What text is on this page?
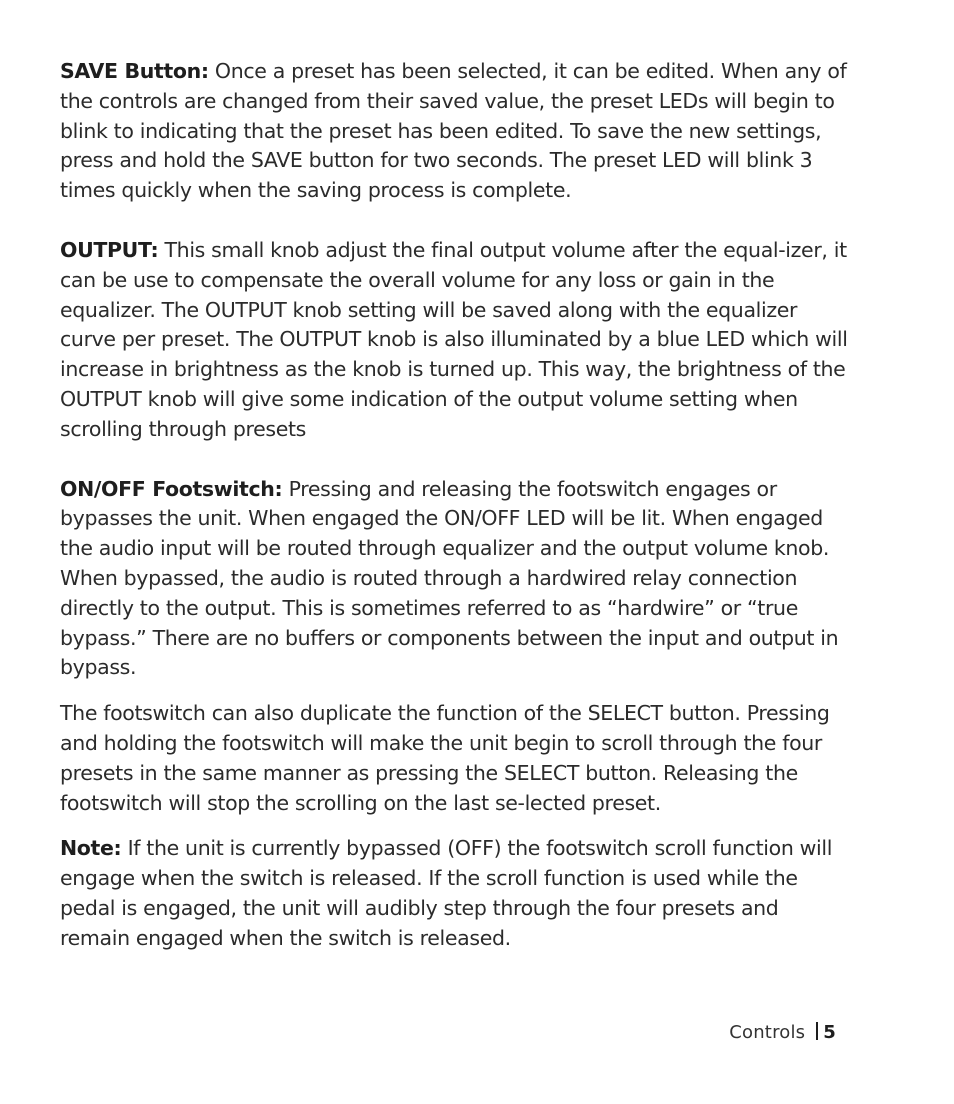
SAVE Button: Once a preset has been selected, it can be edited. When any of the controls are changed from their saved value, the preset LEDs will begin to blink to indicating that the preset has been edited. To save the new settings, press and hold the SAVE button for two seconds. The preset LED will blink 3 times quickly when the saving process is complete.

OUTPUT: This small knob adjust the final output volume after the equal-izer, it can be use to compensate the overall volume for any loss or gain in the equalizer. The OUTPUT knob setting will be saved along with the equalizer curve per preset. The OUTPUT knob is also illuminated by a blue LED which will increase in brightness as the knob is turned up. This way, the brightness of the OUTPUT knob will give some indication of the output volume setting when scrolling through presets

ON/OFF Footswitch: Pressing and releasing the footswitch engages or bypasses the unit. When engaged the ON/OFF LED will be lit. When engaged the audio input will be routed through equalizer and the output volume knob. When bypassed, the audio is routed through a hardwired relay connection directly to the output. This is sometimes referred to as “hardwire” or “true bypass.” There are no buffers or components between the input and output in bypass.

The footswitch can also duplicate the function of the SELECT button. Pressing and holding the footswitch will make the unit begin to scroll through the four presets in the same manner as pressing the SELECT button. Releasing the footswitch will stop the scrolling on the last se-lected preset.

Note: If the unit is currently bypassed (OFF) the footswitch scroll function will engage when the switch is released. If the scroll function is used while the pedal is engaged, the unit will audibly step through the four presets and remain engaged when the switch is released.

Controls 5
